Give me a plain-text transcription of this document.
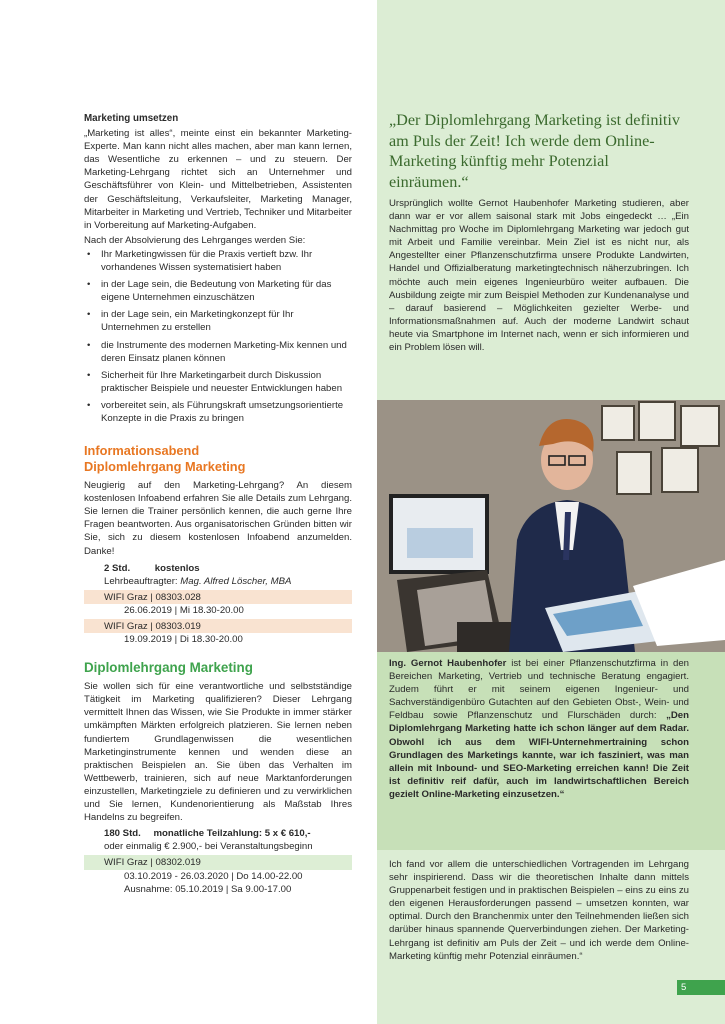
Marketing umsetzen

„Marketing ist alles“, meinte einst ein bekannter Marketing-Experte. Man kann nicht alles machen, aber man kann lernen, das Wesentliche zu erkennen – und zu steuern. Der Marketing-Lehrgang richtet sich an Unternehmer und Geschäftsführer von Klein- und Mittelbetrieben, Assistenten der Geschäftsleitung, Verkaufsleiter, Marketing Manager, Mitarbeiter in Marketing und Vertrieb, Techniker und Mitarbeiter in Vorbereitung auf Marketing-Aufgaben.

Nach der Absolvierung des Lehrganges werden Sie:

• Ihr Marketingwissen für die Praxis vertieft bzw. Ihr vorhandenes Wissen systematisiert haben
• in der Lage sein, die Bedeutung von Marketing für das eigene Unternehmen einzuschätzen
• in der Lage sein, ein Marketingkonzept für Ihr Unternehmen zu erstellen
• die Instrumente des modernen Marketing-Mix kennen und deren Einsatz planen können
• Sicherheit für Ihre Marketingarbeit durch Diskussion praktischer Beispiele und neuester Entwicklungen haben
• vorbereitet sein, als Führungskraft umsetzungsorientierte Konzepte in die Praxis zu bringen
Informationsabend
Diplomlehrgang Marketing

Neugierig auf den Marketing-Lehrgang? An diesem kostenlosen Infoabend erfahren Sie alle Details zum Lehrgang. Sie lernen die Trainer persönlich kennen, die auch gerne Ihre Fragen beantworten. Aus organisatorischen Gründen bitten wir Sie, sich zu diesem kostenlosen Infoabend anzumelden. Danke!

2 Std.	kostenlos
Lehrbeauftragter: Mag. Alfred Löscher, MBA
WIFI Graz | 08303.028
26.06.2019 | Mi 18.30-20.00
WIFI Graz | 08303.019
19.09.2019 | Di 18.30-20.00
Diplomlehrgang Marketing

Sie wollen sich für eine verantwortliche und selbstständige Tätigkeit im Marketing qualifizieren? Dieser Lehrgang vermittelt Ihnen das Wissen, wie Sie Produkte in immer stärker umkämpften Märkten erfolgreich platzieren. Sie lernen neben fundiertem Grundlagenwissen die wesentlichen Marketinginstrumente kennen und wenden diese an praktischen Beispielen an. Sie üben das Verhalten im Wettbewerb, trainieren, sich auf neue Marktanforderungen einzustellen, Marketingziele zu definieren und zu verwirklichen und Sie lernen, Kundenorientierung als Maßstab Ihres Handelns zu begreifen.

180 Std. monatliche Teilzahlung: 5 x € 610,-
oder einmalig € 2.900,- bei Veranstaltungsbeginn
WIFI Graz | 08302.019
03.10.2019 - 26.03.2020 | Do 14.00-22.00
Ausnahme: 05.10.2019 | Sa 9.00-17.00
„Der Diplomlehrgang Marketing ist definitiv am Puls der Zeit! Ich werde dem Online-Marketing künftig mehr Potenzial einräumen.“
Ursprünglich wollte Gernot Haubenhofer Marketing studieren, aber dann war er vor allem saisonal stark mit Jobs eingedeckt … „Ein Nachmittag pro Woche im Diplomlehrgang Marketing war jedoch gut mit Arbeit und Familie vereinbar. Mein Ziel ist es nicht nur, als Angestellter einer Pflanzenschutzfirma unsere Produkte Landwirten, Handel und Offizialberatung marketingtechnisch näherzubringen. Ich möchte auch mein eigenes Ingenieurbüro weiter aufbauen. Die Ausbildung zeigte mir zum Beispiel Methoden zur Kundenanalyse und – darauf basierend – Möglichkeiten gezielter Werbe- und Informationsmaßnahmen auf. Auch der moderne Landwirt schaut heute via Smartphone im Internet nach, wenn er sich informieren und ein Problem lösen will.
Ing. Gernot Haubenhofer ist bei einer Pflanzenschutzfirma in den Bereichen Marketing, Vertrieb und technische Beratung engagiert. Zudem führt er mit seinem eigenen Ingenieur- und Sachverständigenbüro Gutachten auf den Gebieten Obst-, Wein- und Feldbau sowie Pflanzenschutz und Flurschäden durch: „Den Diplomlehrgang Marketing hatte ich schon länger auf dem Radar. Obwohl ich aus dem WIFI-Unternehmertraining schon Grundlagen des Marketings kannte, war ich fasziniert, was man allein mit Inbound- und SEO-Marketing erreichen kann! Die Zeit ist definitiv reif dafür, auch im landwirtschaftlichen Bereich gezielt Online-Marketing einzusetzen.“
Ich fand vor allem die unterschiedlichen Vortragenden im Lehrgang sehr inspirierend. Dass wir die theoretischen Inhalte dann mittels Gruppenarbeit festigen und in praktischen Beispielen – eins zu eins zu den eigenen Herausforderungen passend – umsetzen konnten, war optimal. Durch den Branchenmix unter den Teilnehmenden ließen sich darüber hinaus spannende Querverbindungen ziehen. Der Marketing-Lehrgang ist definitiv am Puls der Zeit – und ich werde dem Online-Marketing künftig mehr Potenzial einräumen.“
5
